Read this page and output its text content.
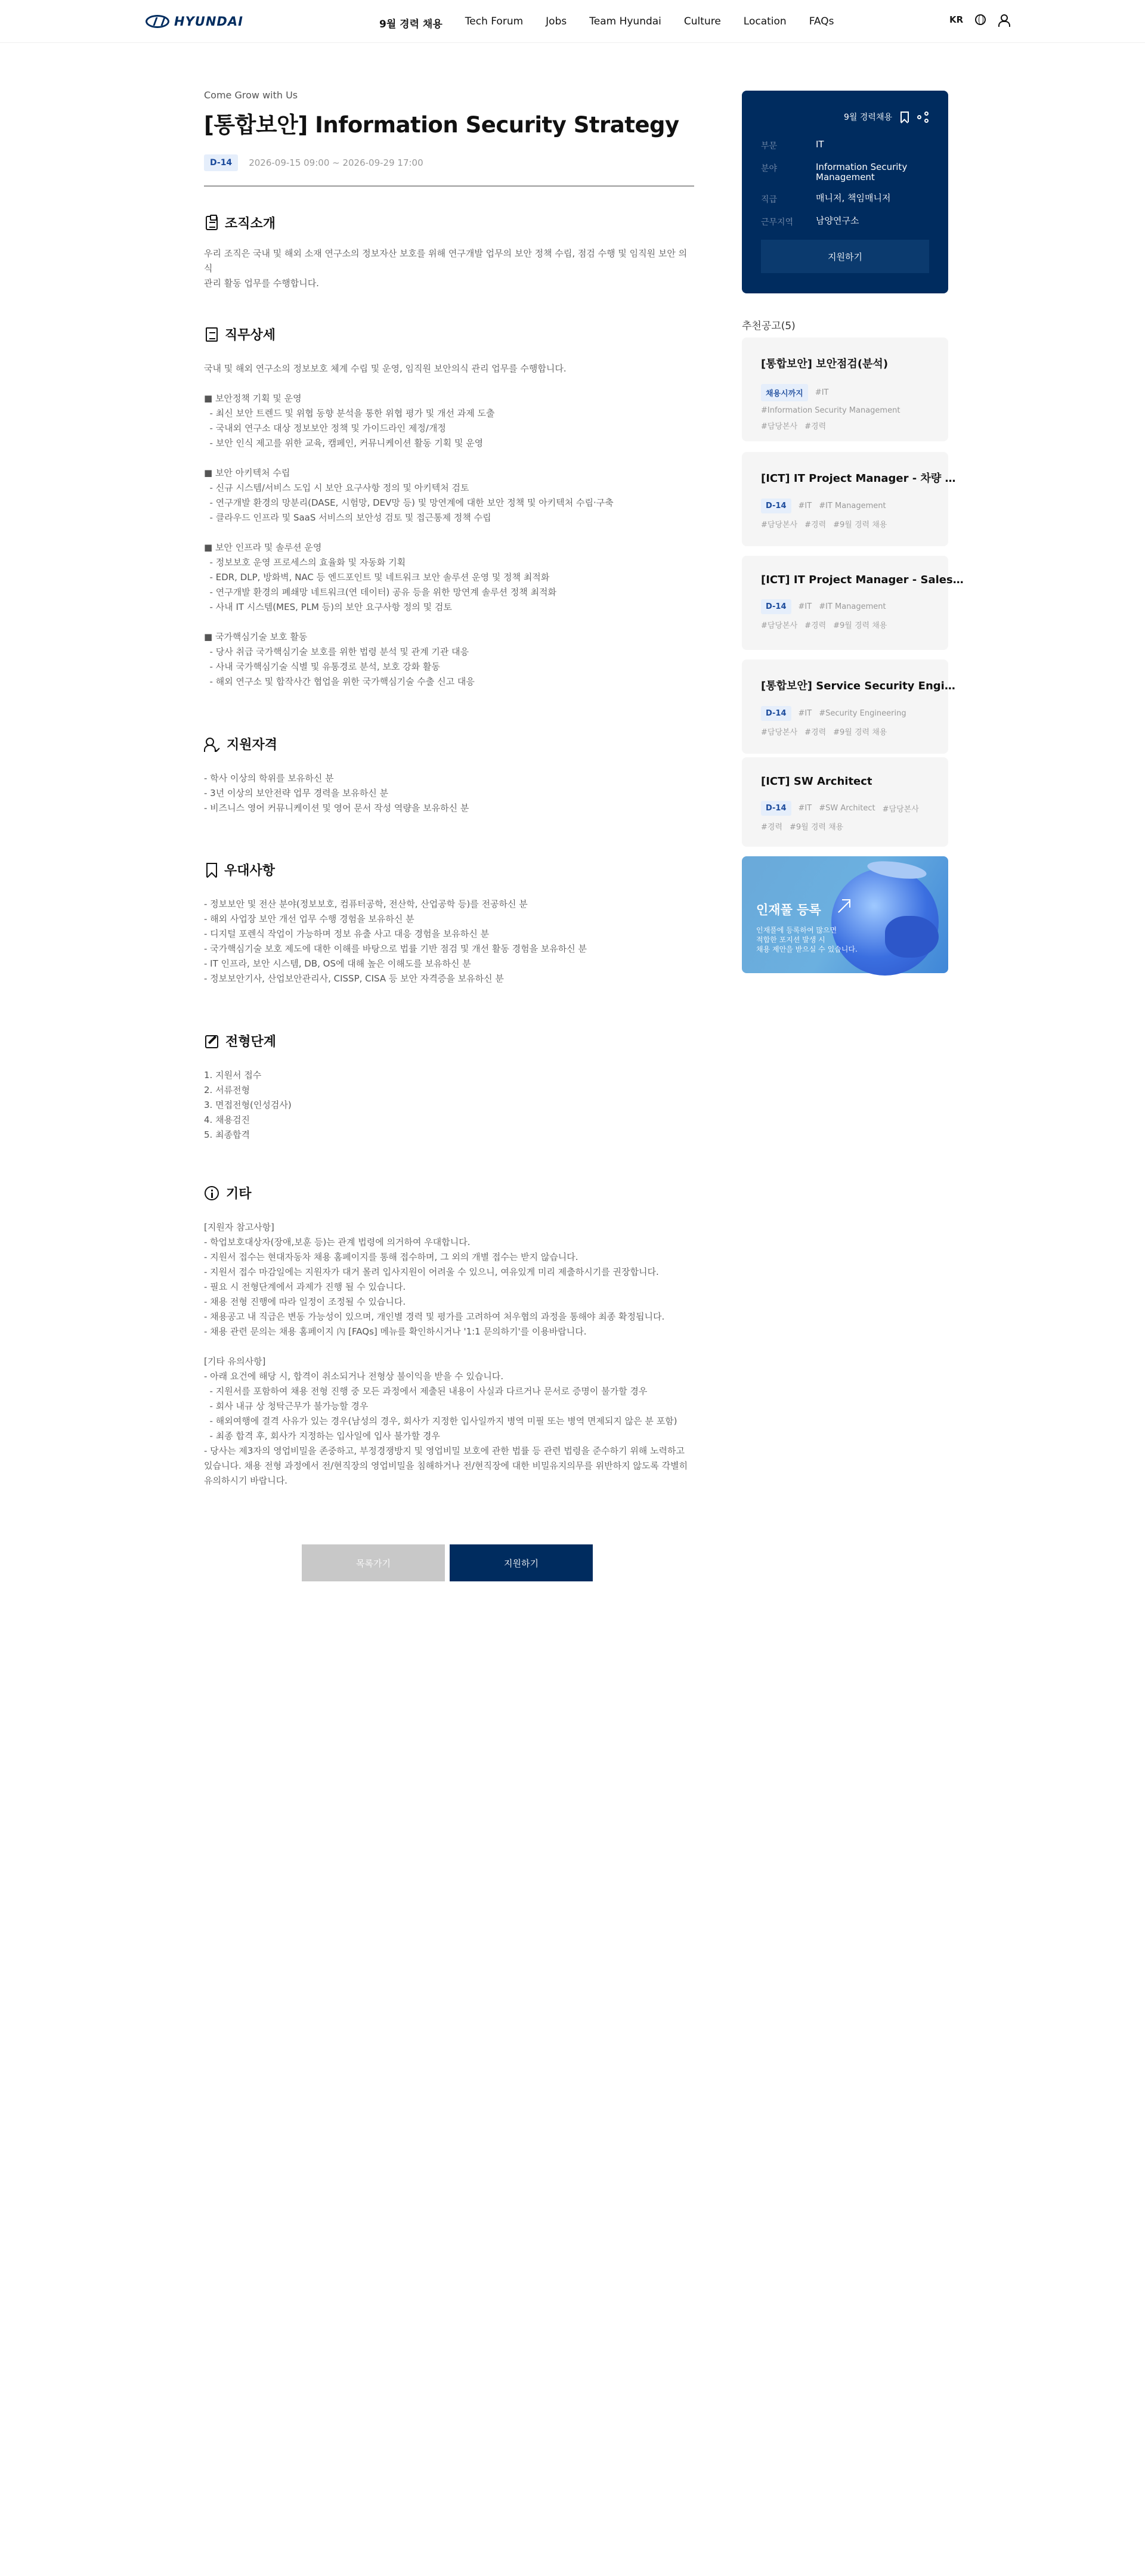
HYUNDAI	9월 경력 채용 Tech Forum Jobs Team Hyundai Culture Location FAQs	KR
Come Grow with Us
[통합보안] Information Security Strategy
D-14	2026-09-15 09:00 ~ 2026-09-29 17:00
조직소개
우리 조직은 국내 및 해외 소재 연구소의 정보자산 보호를 위해 연구개발 업무의 보안 정책 수립, 점검 수행 및 임직원 보안 의식
관리 활동 업무를 수행합니다.
직무상세
국내 및 해외 연구소의 정보보호 체계 수립 및 운영, 임직원 보안의식 관리 업무를 수행합니다.

■ 보안정책 기획 및 운영
- 최신 보안 트렌드 및 위협 동향 분석을 통한 위협 평가 및 개선 과제 도출
- 국내외 연구소 대상 정보보안 정책 및 가이드라인 제정/개정
- 보안 인식 제고를 위한 교육, 캠페인, 커뮤니케이션 활동 기획 및 운영

■ 보안 아키텍처 수립
- 신규 시스템/서비스 도입 시 보안 요구사항 정의 및 아키텍처 검토
- 연구개발 환경의 망분리(DASE, 시험망, DEV망 등) 및 망연계에 대한 보안 정책 및 아키텍처 수립·구축
- 클라우드 인프라 및 SaaS 서비스의 보안성 검토 및 접근통제 정책 수립

■ 보안 인프라 및 솔루션 운영
- 정보보호 운영 프로세스의 효율화 및 자동화 기획
- EDR, DLP, 방화벽, NAC 등 엔드포인트 및 네트워크 보안 솔루션 운영 및 정책 최적화
- 연구개발 환경의 폐쇄망 네트워크(연 데이터) 공유 등을 위한 망연계 솔루션 정책 최적화
- 사내 IT 시스템(MES, PLM 등)의 보안 요구사항 정의 및 검토

■ 국가핵심기술 보호 활동
- 당사 취급 국가핵심기술 보호를 위한 법령 분석 및 관계 기관 대응
- 사내 국가핵심기술 식별 및 유통경로 분석, 보호 강화 활동
- 해외 연구소 및 합작사간 협업을 위한 국가핵심기술 수출 신고 대응
지원자격
- 학사 이상의 학위를 보유하신 분
- 3년 이상의 보안전략 업무 경력을 보유하신 분
- 비즈니스 영어 커뮤니케이션 및 영어 문서 작성 역량을 보유하신 분
우대사항
- 정보보안 및 전산 분야(정보보호, 컴퓨터공학, 전산학, 산업공학 등)를 전공하신 분
- 해외 사업장 보안 개선 업무 수행 경험을 보유하신 분
- 디지털 포렌식 작업이 가능하며 정보 유출 사고 대응 경험을 보유하신 분
- 국가핵심기술 보호 제도에 대한 이해를 바탕으로 법률 기반 점검 및 개선 활동 경험을 보유하신 분
- IT 인프라, 보안 시스템, DB, OS에 대해 높은 이해도를 보유하신 분
- 정보보안기사, 산업보안관리사, CISSP, CISA 등 보안 자격증을 보유하신 분
전형단계
1. 지원서 접수
2. 서류전형
3. 면접전형(인성검사)
4. 채용검진
5. 최종합격
기타
[지원자 참고사항]
- 학업보호대상자(장애,보훈 등)는 관계 법령에 의거하여 우대합니다.
- 지원서 접수는 현대자동차 채용 홈페이지를 통해 접수하며, 그 외의 개별 접수는 받지 않습니다.
- 지원서 접수 마감일에는 지원자가 대거 몰려 입사지원이 어려울 수 있으니, 여유있게 미리 제출하시기를 권장합니다.
- 필요 시 전형단계에서 과제가 진행 될 수 있습니다.
- 채용 전형 진행에 따라 일정이 조정될 수 있습니다.
- 채용공고 내 직급은 변동 가능성이 있으며, 개인별 경력 및 평가를 고려하여 처우협의 과정을 통해야 최종 확정됩니다.
- 채용 관련 문의는 채용 홈페이지 內 [FAQs] 메뉴를 확인하시거나 '1:1 문의하기'를 이용바랍니다.

[기타 유의사항]
- 아래 요건에 해당 시, 합격이 취소되거나 전형상 불이익을 받을 수 있습니다.
- 지원서를 포함하여 채용 전형 진행 중 모든 과정에서 제출된 내용이 사실과 다르거나 문서로 증명이 불가할 경우
- 회사 내규 상 청탁근무가 불가능할 경우
- 해외여행에 결격 사유가 있는 경우(남성의 경우, 회사가 지정한 입사일까지 병역 미필 또는 병역 면제되지 않은 분 포함)
- 최종 합격 후, 회사가 지정하는 입사일에 입사 불가할 경우
- 당사는 제3자의 영업비밀을 존중하고, 부정경쟁방지 및 영업비밀 보호에 관한 법률 등 관련 법령을 준수하기 위해 노력하고
있습니다. 채용 전형 과정에서 전/현직장의 영업비밀을 침해하거나 전/현직장에 대한 비밀유지의무를 위반하지 않도록 각별히
유의하시기 바랍니다.
목록가기	지원하기
9월 경력채용
부문	IT
분야	Information Security Management
직급	매니저, 책임매니저
근무지역	남양연구소
지원하기
추천공고(5)
[통합보안] 보안점검(분석)
채용시까지	#IT
#Information Security Management
#담당본사 #경력
[ICT] IT Project Manager - 차량 …
D-14	#IT #IT Management
#담당본사 #경력 #9월 경력 채용
[ICT] IT Project Manager - Sales…
D-14	#IT #IT Management
#담당본사 #경력 #9월 경력 채용
[통합보안] Service Security Engi…
D-14	#IT #Security Engineering
#담당본사 #경력 #9월 경력 채용
[ICT] SW Architect
D-14	#IT #SW Architect #담당본사
#경력 #9월 경력 채용
인재풀 등록
인재풀에 등록하여 많으면
적합한 포지션 발생 시
채용 제안을 받으실 수 있습니다.
